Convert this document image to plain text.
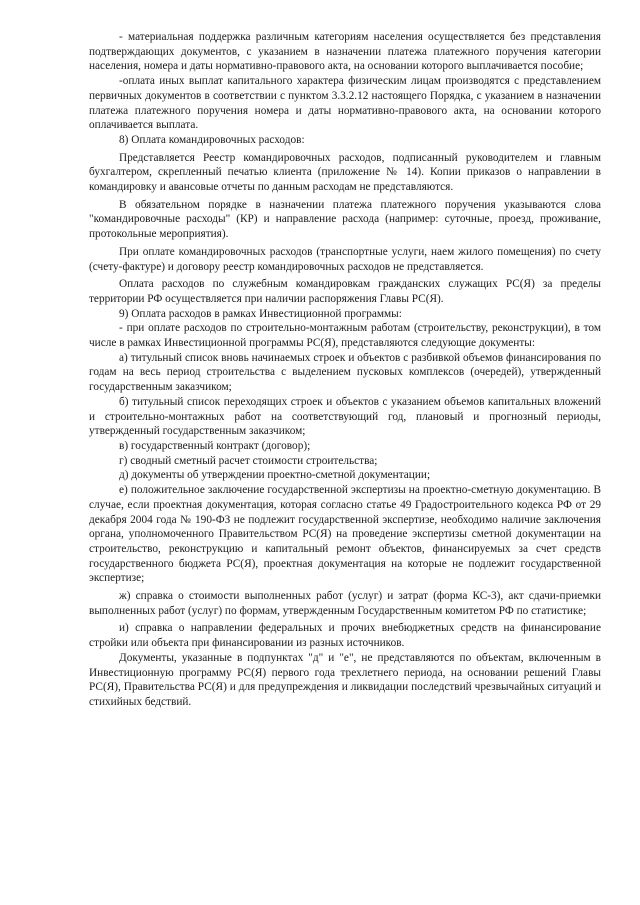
- материальная поддержка различным категориям населения осуществляется без представления подтверждающих документов, с указанием в назначении платежа платежного поручения категории населения, номера и даты нормативно-правового акта, на основании которого выплачивается пособие;

-оплата иных выплат капитального характера физическим лицам производятся с представлением первичных документов в соответствии с пунктом 3.3.2.12 настоящего Порядка, с указанием в назначении платежа платежного поручения номера и даты нормативно-правового акта, на основании которого оплачивается выплата.

8) Оплата командировочных расходов:

Представляется Реестр командировочных расходов, подписанный руководителем и главным бухгалтером, скрепленный печатью клиента (приложение № 14). Копии приказов о направлении в командировку и авансовые отчеты по данным расходам не представляются.

В обязательном порядке в назначении платежа платежного поручения указываются слова "командировочные расходы" (КР) и направление расхода (например: суточные, проезд, проживание, протокольные мероприятия).

При оплате командировочных расходов (транспортные услуги, наем жилого помещения) по счету (счету-фактуре) и договору реестр командировочных расходов не представляется.

Оплата расходов по служебным командировкам гражданских служащих РС(Я) за пределы территории РФ осуществляется при наличии распоряжения Главы РС(Я).

9) Оплата расходов в рамках Инвестиционной программы:

- при оплате расходов по строительно-монтажным работам (строительству, реконструкции), в том числе в рамках Инвестиционной программы РС(Я), представляются следующие документы:

а) титульный список вновь начинаемых строек и объектов с разбивкой объемов финансирования по годам на весь период строительства с выделением пусковых комплексов (очередей), утвержденный государственным заказчиком;

б) титульный список переходящих строек и объектов с указанием объемов капитальных вложений и строительно-монтажных работ на соответствующий год, плановый и прогнозный периоды, утвержденный государственным заказчиком;

в) государственный контракт (договор);

г) сводный сметный расчет стоимости строительства;

д) документы об утверждении проектно-сметной документации;

е) положительное заключение государственной экспертизы на проектно-сметную документацию. В случае, если проектная документация, которая согласно статье 49 Градостроительного кодекса РФ от 29 декабря 2004 года № 190-ФЗ не подлежит государственной экспертизе, необходимо наличие заключения органа, уполномоченного Правительством РС(Я) на проведение экспертизы сметной документации на строительство, реконструкцию и капитальный ремонт объектов, финансируемых за счет средств государственного бюджета РС(Я), проектная документация на которые не подлежит государственной экспертизе;

ж) справка о стоимости выполненных работ (услуг) и затрат (форма КС-3), акт сдачи-приемки выполненных работ (услуг) по формам, утвержденным Государственным комитетом РФ по статистике;

и) справка о направлении федеральных и прочих внебюджетных средств на финансирование стройки или объекта при финансировании из разных источников.

Документы, указанные в подпунктах "д" и "е", не представляются по объектам, включенным в Инвестиционную программу РС(Я) первого года трехлетнего периода, на основании решений Главы РС(Я), Правительства РС(Я) и для предупреждения и ликвидации последствий чрезвычайных ситуаций и стихийных бедствий.
